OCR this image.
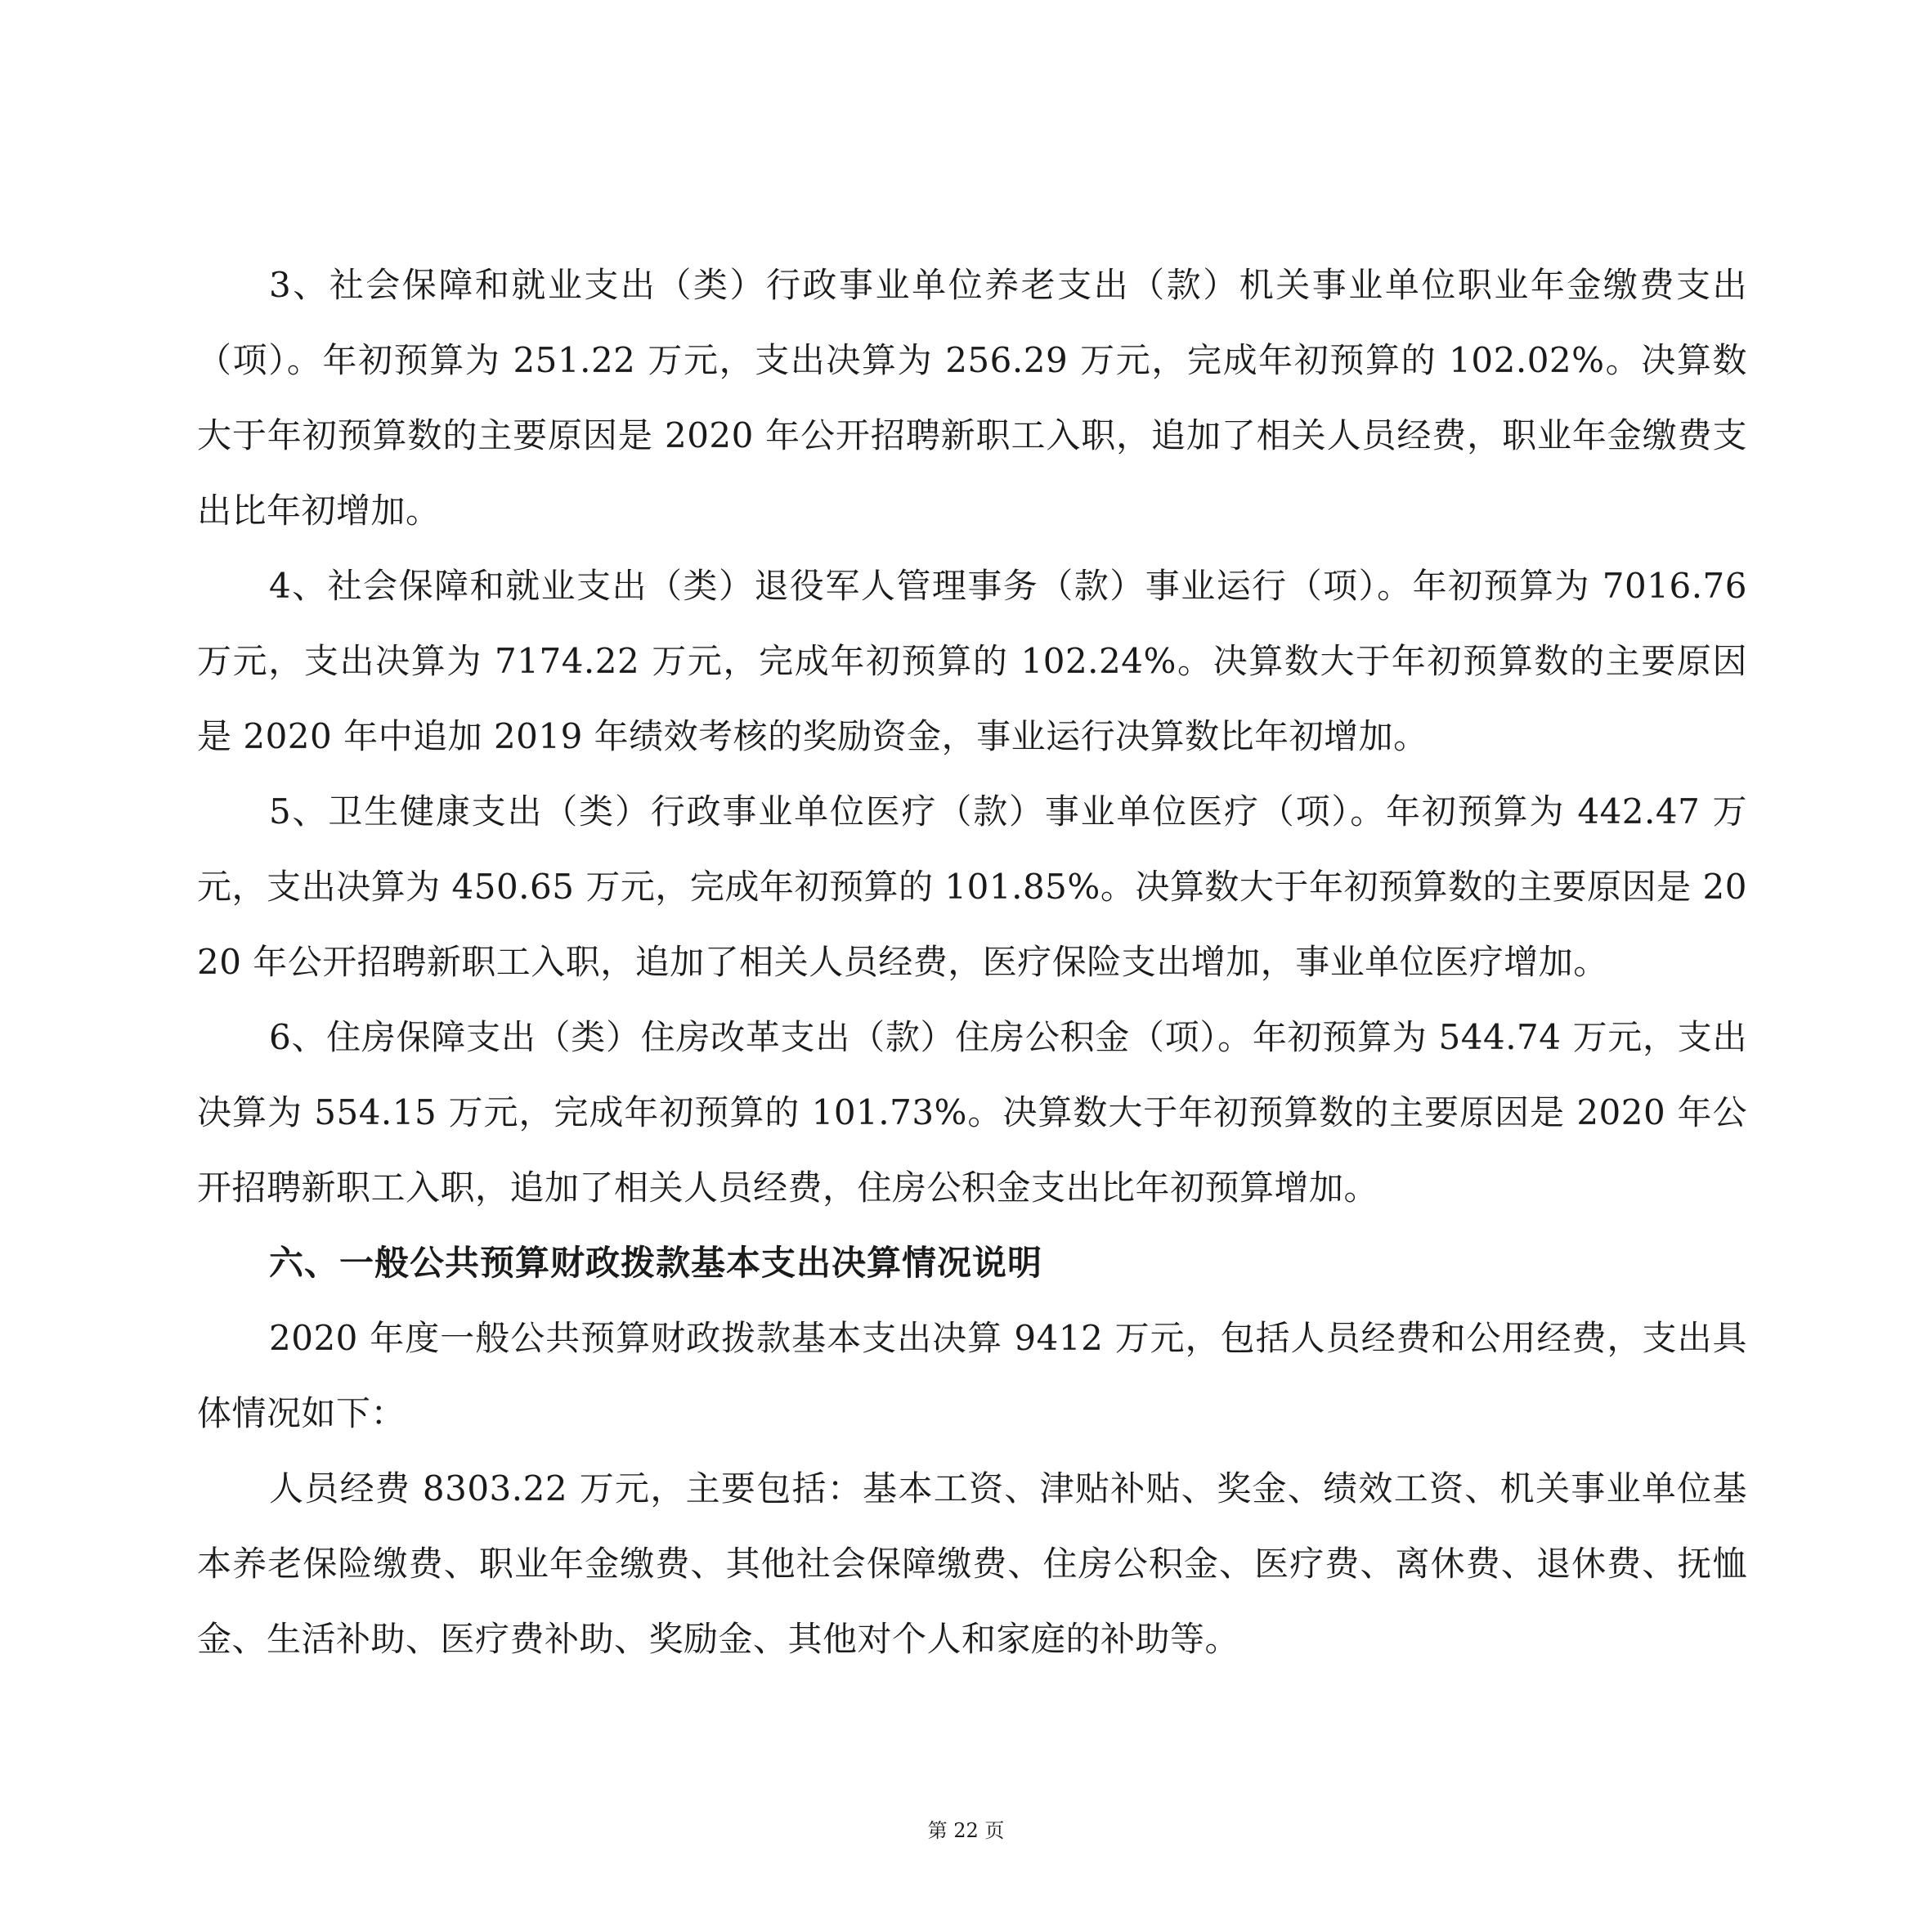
3、社会保障和就业支出（类）行政事业单位养老支出（款）机关事业单位职业年金缴费支出（项）。年初预算为 251.22 万元，支出决算为 256.29 万元，完成年初预算的 102.02%。决算数大于年初预算数的主要原因是 2020 年公开招聘新职工入职，追加了相关人员经费，职业年金缴费支出比年初增加。

4、社会保障和就业支出（类）退役军人管理事务（款）事业运行（项）。年初预算为 7016.76 万元，支出决算为 7174.22 万元，完成年初预算的 102.24%。决算数大于年初预算数的主要原因是 2020 年中追加 2019 年绩效考核的奖励资金，事业运行决算数比年初增加。

5、卫生健康支出（类）行政事业单位医疗（款）事业单位医疗（项）。年初预算为 442.47 万元，支出决算为 450.65 万元，完成年初预算的 101.85%。决算数大于年初预算数的主要原因是 2020 年公开招聘新职工入职，追加了相关人员经费，医疗保险支出增加，事业单位医疗增加。

6、住房保障支出（类）住房改革支出（款）住房公积金（项）。年初预算为 544.74 万元，支出决算为 554.15 万元，完成年初预算的 101.73%。决算数大于年初预算数的主要原因是 2020 年公开招聘新职工入职，追加了相关人员经费，住房公积金支出比年初预算增加。

六、一般公共预算财政拨款基本支出决算情况说明

2020 年度一般公共预算财政拨款基本支出决算 9412 万元，包括人员经费和公用经费，支出具体情况如下：

人员经费 8303.22 万元，主要包括：基本工资、津贴补贴、奖金、绩效工资、机关事业单位基本养老保险缴费、职业年金缴费、其他社会保障缴费、住房公积金、医疗费、离休费、退休费、抚恤金、生活补助、医疗费补助、奖励金、其他对个人和家庭的补助等。

第 22 页
